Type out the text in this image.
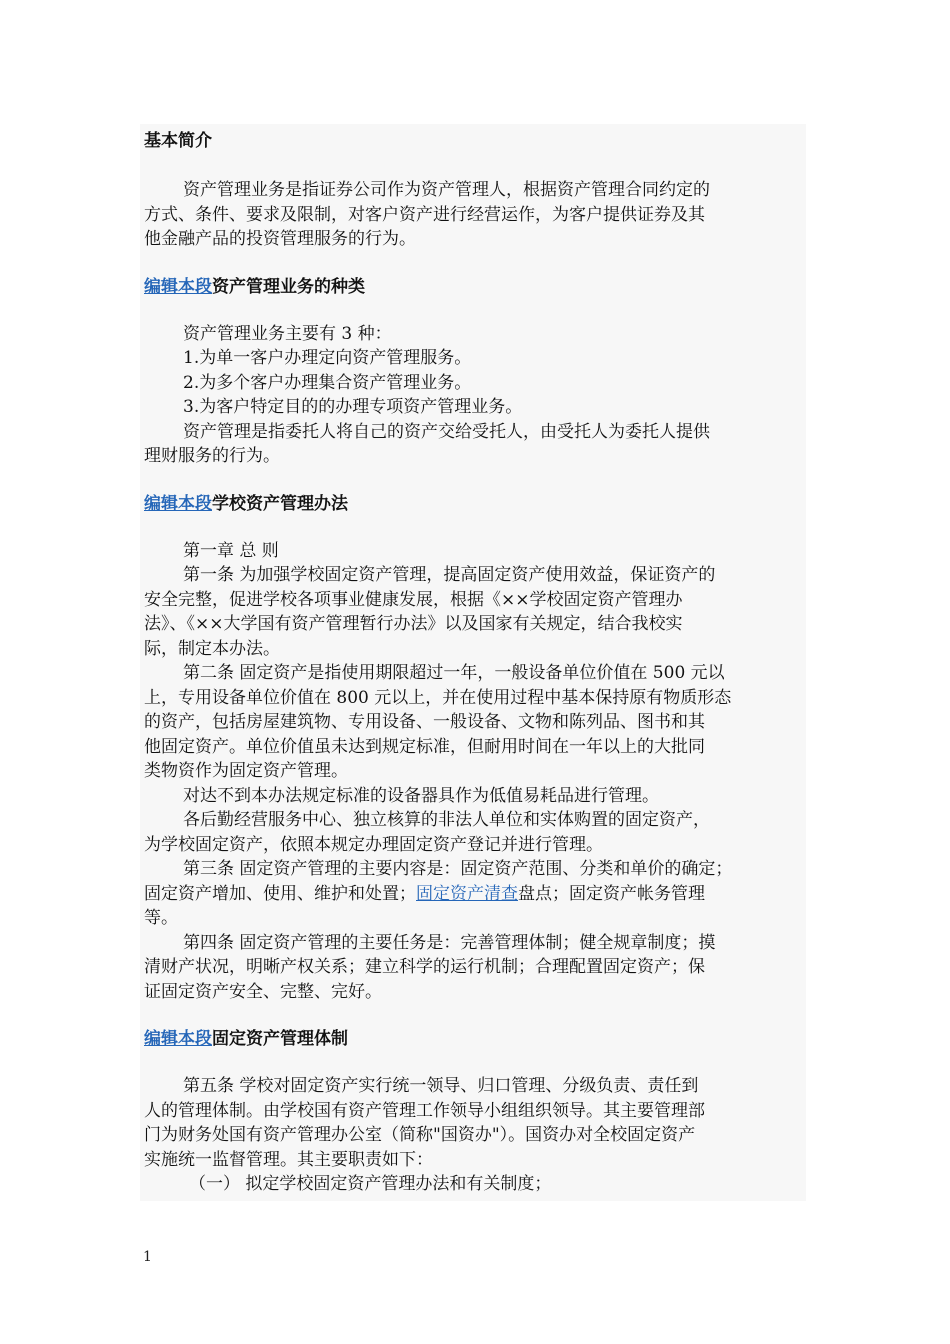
基本简介
资产管理业务是指证券公司作为资产管理人，根据资产管理合同约定的
方式、条件、要求及限制，对客户资产进行经营运作，为客户提供证券及其
他金融产品的投资管理服务的行为。
编辑本段资产管理业务的种类
资产管理业务主要有 3 种：
1.为单一客户办理定向资产管理服务。
2.为多个客户办理集合资产管理业务。
3.为客户特定目的的办理专项资产管理业务。
资产管理是指委托人将自己的资产交给受托人，由受托人为委托人提供
理财服务的行为。
编辑本段学校资产管理办法
第一章 总 则
第一条 为加强学校固定资产管理，提高固定资产使用效益，保证资产的
安全完整，促进学校各项事业健康发展，根据《××学校固定资产管理办
法》、《××大学国有资产管理暂行办法》以及国家有关规定，结合我校实
际，制定本办法。
第二条 固定资产是指使用期限超过一年，一般设备单位价值在 500 元以
上，专用设备单位价值在 800 元以上，并在使用过程中基本保持原有物质形态
的资产，包括房屋建筑物、专用设备、一般设备、文物和陈列品、图书和其
他固定资产。单位价值虽未达到规定标准，但耐用时间在一年以上的大批同
类物资作为固定资产管理。
对达不到本办法规定标准的设备器具作为低值易耗品进行管理。
各后勤经营服务中心、独立核算的非法人单位和实体购置的固定资产，
为学校固定资产，依照本规定办理固定资产登记并进行管理。
第三条 固定资产管理的主要内容是：固定资产范围、分类和单价的确定；
固定资产增加、使用、维护和处置；固定资产清查盘点；固定资产帐务管理
等。
第四条 固定资产管理的主要任务是：完善管理体制；健全规章制度；摸
清财产状况，明晰产权关系；建立科学的运行机制；合理配置固定资产；保
证固定资产安全、完整、完好。
编辑本段固定资产管理体制
第五条 学校对固定资产实行统一领导、归口管理、分级负责、责任到
人的管理体制。由学校国有资产管理工作领导小组组织领导。其主要管理部
门为财务处国有资产管理办公室（简称"国资办"）。国资办对全校固定资产
实施统一监督管理。其主要职责如下：
（一） 拟定学校固定资产管理办法和有关制度；
1
